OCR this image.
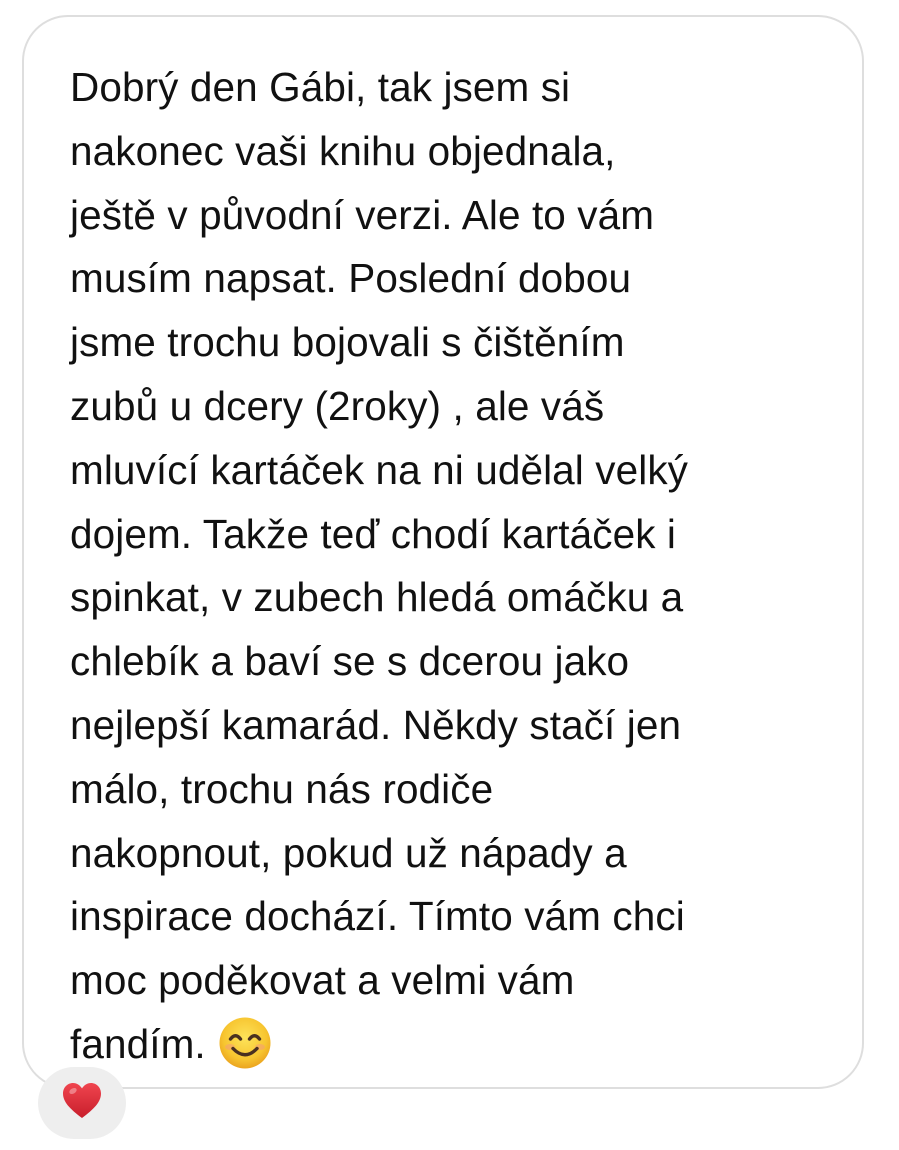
Dobrý den Gábi, tak jsem si
nakonec vaši knihu objednala,
ještě v původní verzi. Ale to vám
musím napsat. Poslední dobou
jsme trochu bojovali s čištěním
zubů u dcery (2roky) , ale váš
mluvící kartáček na ni udělal velký
dojem. Takže teď chodí kartáček i
spinkat, v zubech hledá omáčku a
chlebík a baví se s dcerou jako
nejlepší kamarád. Někdy stačí jen
málo, trochu nás rodiče
nakopnout, pokud už nápady a
inspirace dochází. Tímto vám chci
moc poděkovat a velmi vám
fandím.
